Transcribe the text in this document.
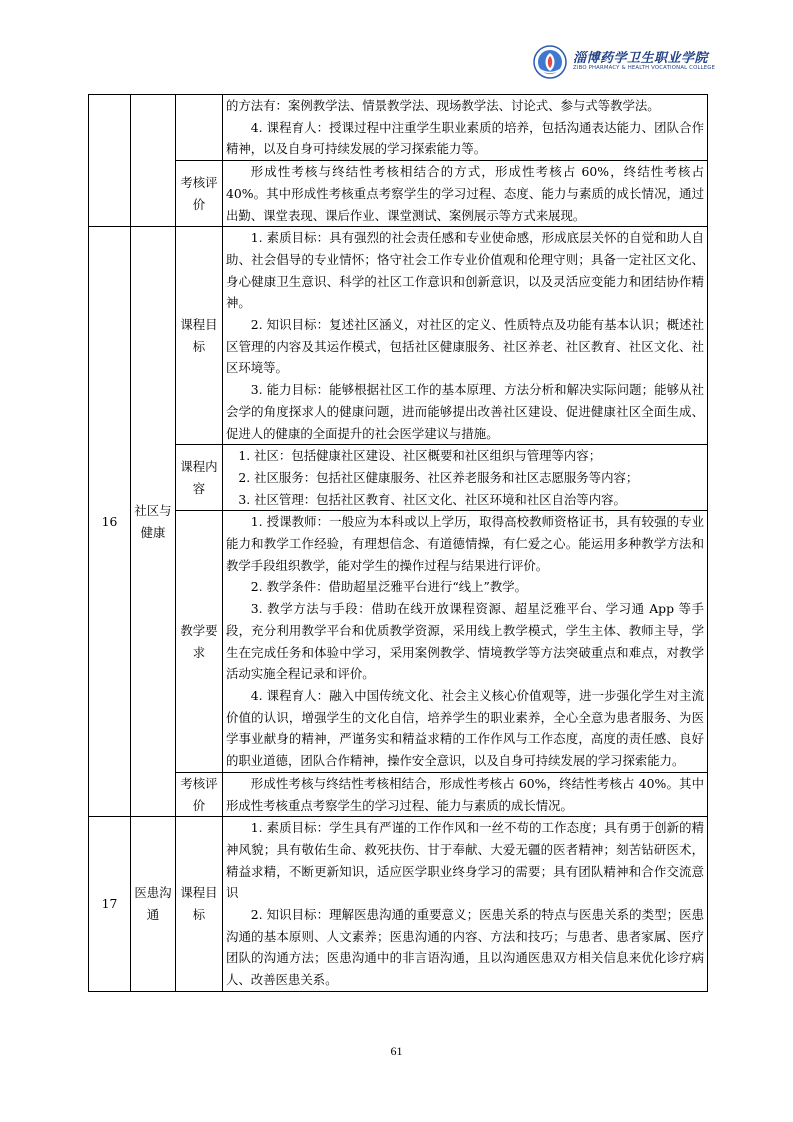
淄博药学卫生职业学院
ZIBO PHARMACY & HEALTH VOCATIONAL COLLEGE

			的方法有：案例教学法、情景教学法、现场教学法、讨论式、参与式等教学法。

4. 课程育人：授课过程中注重学生职业素质的培养，包括沟通表达能力、团队合作精神，以及自身可持续发展的学习探索能力等。

		考核评价	形成性考核与终结性考核相结合的方式，形成性考核占 60%，终结性考核占 40%。其中形成性考核重点考察学生的学习过程、态度、能力与素质的成长情况，通过出勤、课堂表现、课后作业、课堂测试、案例展示等方式来展现。

16	社区与健康	课程目标	1. 素质目标：具有强烈的社会责任感和专业使命感，形成底层关怀的自觉和助人自助、社会倡导的专业情怀；恪守社会工作专业价值观和伦理守则；具备一定社区文化、身心健康卫生意识、科学的社区工作意识和创新意识，以及灵活应变能力和团结协作精神。

2. 知识目标：复述社区涵义，对社区的定义、性质特点及功能有基本认识；概述社区管理的内容及其运作模式，包括社区健康服务、社区养老、社区教育、社区文化、社区环境等。

3. 能力目标：能够根据社区工作的基本原理、方法分析和解决实际问题；能够从社会学的角度探求人的健康问题，进而能够提出改善社区建设、促进健康社区全面生成、促进人的健康的全面提升的社会医学建议与措施。

		课程内容	1. 社区：包括健康社区建设、社区概要和社区组织与管理等内容；

2. 社区服务：包括社区健康服务、社区养老服务和社区志愿服务等内容；

3. 社区管理：包括社区教育、社区文化、社区环境和社区自治等内容。

		教学要求	1. 授课教师：一般应为本科或以上学历，取得高校教师资格证书，具有较强的专业能力和教学工作经验，有理想信念、有道德情操，有仁爱之心。能运用多种教学方法和教学手段组织教学，能对学生的操作过程与结果进行评价。

2. 教学条件：借助超星泛雅平台进行“线上”教学。

3. 教学方法与手段：借助在线开放课程资源、超星泛雅平台、学习通 App 等手段，充分利用教学平台和优质教学资源，采用线上教学模式，学生主体、教师主导，学生在完成任务和体验中学习，采用案例教学、情境教学等方法突破重点和难点，对教学活动实施全程记录和评价。

4. 课程育人：融入中国传统文化、社会主义核心价值观等，进一步强化学生对主流价值的认识，增强学生的文化自信，培养学生的职业素养，全心全意为患者服务、为医学事业献身的精神，严谨务实和精益求精的工作作风与工作态度，高度的责任感、良好的职业道德，团队合作精神，操作安全意识，以及自身可持续发展的学习探索能力。

		考核评价	形成性考核与终结性考核相结合，形成性考核占 60%，终结性考核占 40%。其中形成性考核重点考察学生的学习过程、能力与素质的成长情况。

17	医患沟通	课程目标	1. 素质目标：学生具有严谨的工作作风和一丝不苟的工作态度；具有勇于创新的精神风貌；具有敬佑生命、救死扶伤、甘于奉献、大爱无疆的医者精神；刻苦钻研医术，精益求精，不断更新知识，适应医学职业终身学习的需要；具有团队精神和合作交流意识

2. 知识目标：理解医患沟通的重要意义；医患关系的特点与医患关系的类型；医患沟通的基本原则、人文素养；医患沟通的内容、方法和技巧；与患者、患者家属、医疗团队的沟通方法；医患沟通中的非言语沟通，且以沟通医患双方相关信息来优化诊疗病人、改善医患关系。

61
